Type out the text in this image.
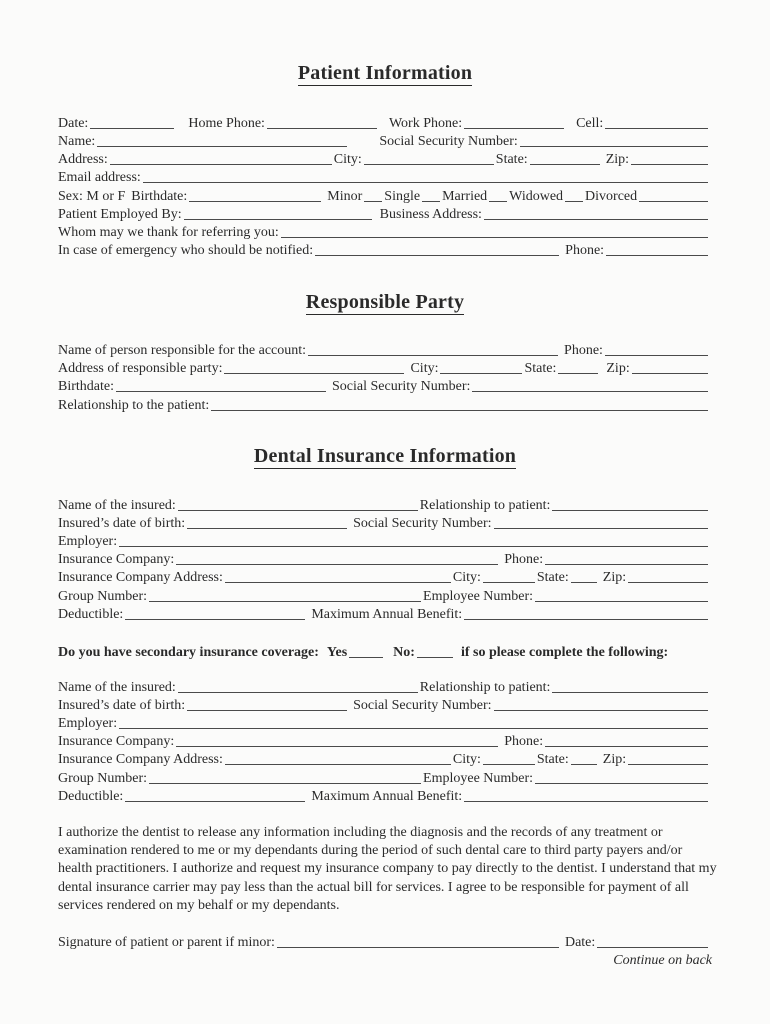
Patient Information
Date:	Home Phone:	Work Phone:	Cell:
Name:	Social Security Number:
Address:	City:	State:	Zip:
Email address:
Sex: M or F Birthdate:	Minor Single Married Widowed Divorced
Patient Employed By:	Business Address:
Whom may we thank for referring you:
In case of emergency who should be notified:	Phone:
Responsible Party
Name of person responsible for the account:	Phone:
Address of responsible party:	City:	State:	Zip:
Birthdate:	Social Security Number:
Relationship to the patient:
Dental Insurance Information
Name of the insured:	Relationship to patient:
Insured’s date of birth:	Social Security Number:
Employer:
Insurance Company:	Phone:
Insurance Company Address:	City:	State: Zip:
Group Number:	Employee Number:
Deductible:	Maximum Annual Benefit:
Do you have secondary insurance coverage: Yes	No:	if so please complete the following:
Name of the insured:	Relationship to patient:
Insured’s date of birth:	Social Security Number:
Employer:
Insurance Company:	Phone:
Insurance Company Address:	City:	State: Zip:
Group Number:	Employee Number:
Deductible:	Maximum Annual Benefit:
I authorize the dentist to release any information including the diagnosis and the records of any treatment or examination rendered to me or my dependants during the period of such dental care to third party payers and/or health practitioners. I authorize and request my insurance company to pay directly to the dentist. I understand that my dental insurance carrier may pay less than the actual bill for services. I agree to be responsible for payment of all services rendered on my behalf or my dependants.
Signature of patient or parent if minor:	Date:
Continue on back
